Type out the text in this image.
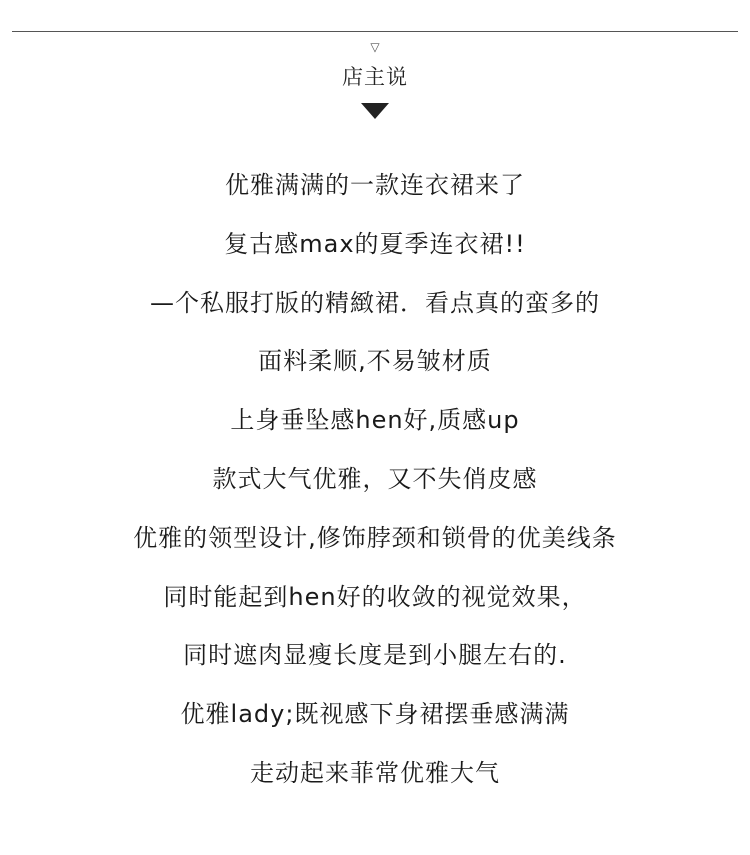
▽
店主说
优雅满满的一款连衣裙来了
复古感max的夏季连衣裙!!
—个私服打版的精緻裙．看点真的蛮多的
面料柔顺,不易皱材质
上身垂坠感hen好,质感up
款式大气优雅，又不失俏皮感
优雅的领型设计,修饰脖颈和锁骨的优美线条
同时能起到hen好的收敛的视觉效果，
同时遮肉显瘦长度是到小腿左右的.
优雅lady;既视感下身裙摆垂感满满
走动起来菲常优雅大气
